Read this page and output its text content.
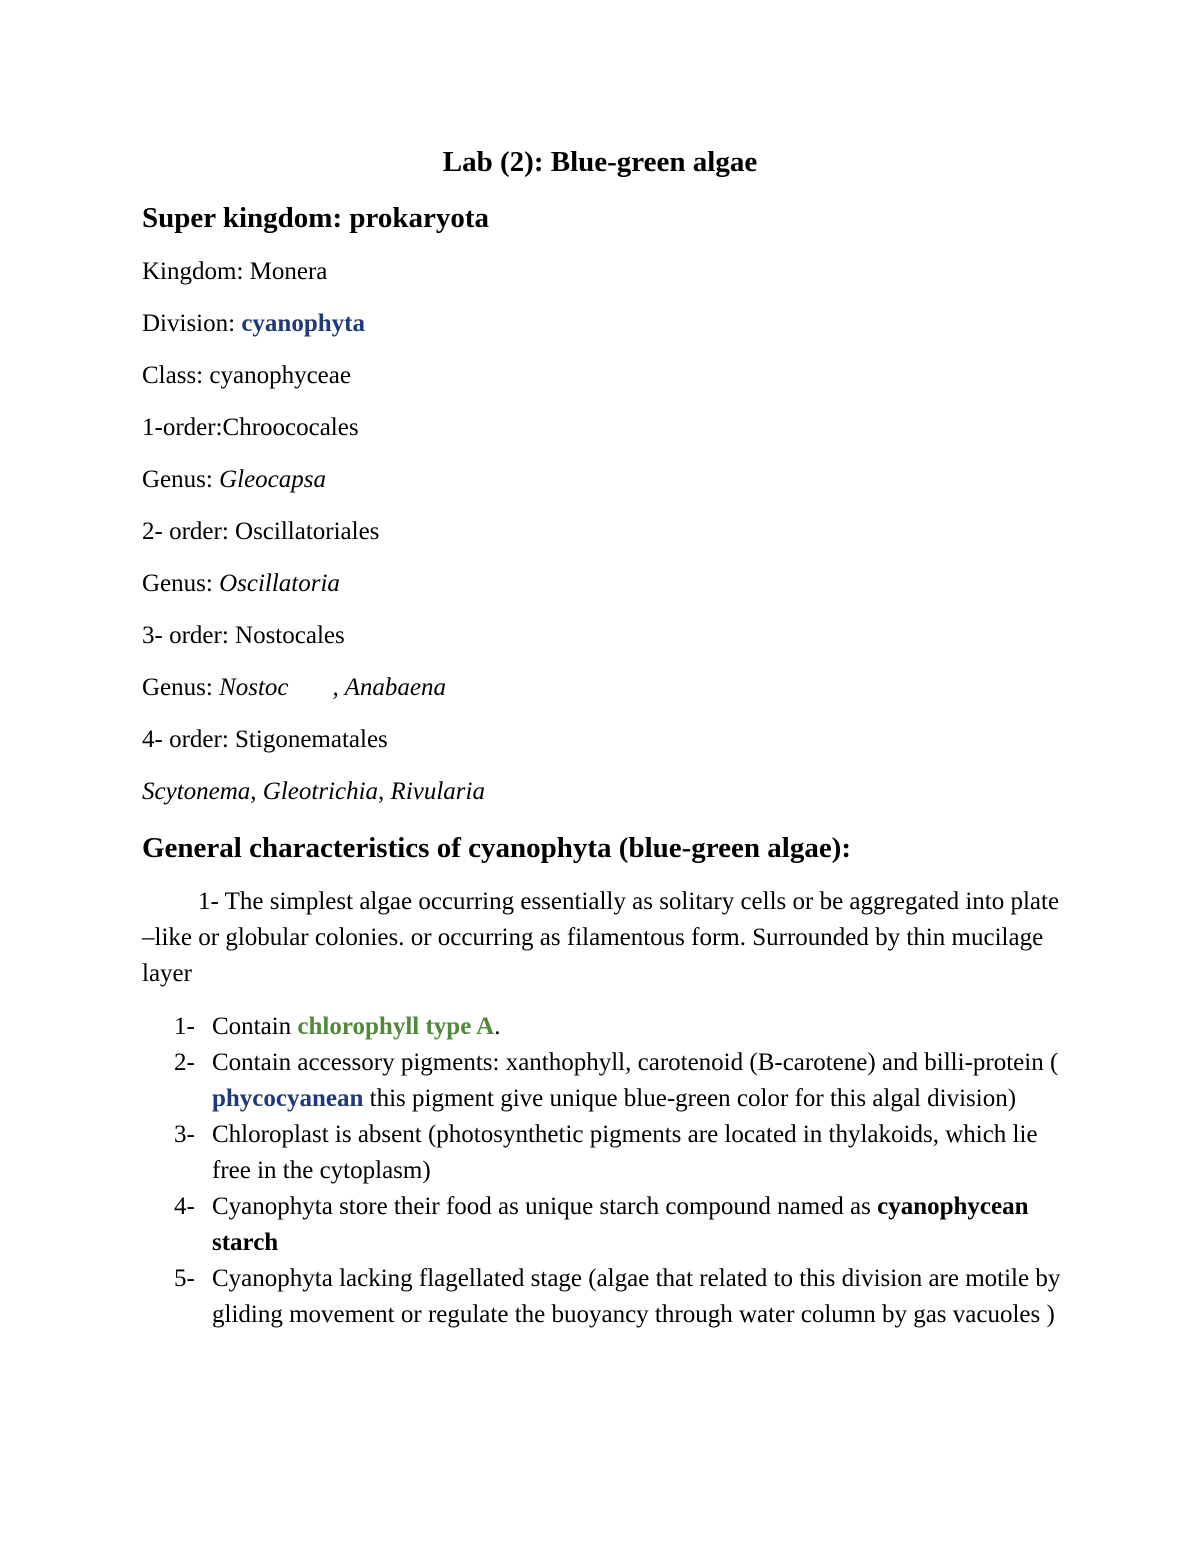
Lab (2): Blue-green algae
Super kingdom: prokaryota
Kingdom: Monera
Division: cyanophyta
Class: cyanophyceae
1-order:Chroococales
Genus: Gleocapsa
2- order: Oscillatoriales
Genus: Oscillatoria
3- order: Nostocales
Genus: Nostoc , Anabaena
4- order: Stigonematales
Scytonema, Gleotrichia, Rivularia
General characteristics of cyanophyta (blue-green algae):
1- The simplest algae occurring essentially as solitary cells or be aggregated into plate –like or globular colonies. or occurring as filamentous form. Surrounded by thin mucilage layer
1- Contain chlorophyll type A.
2- Contain accessory pigments: xanthophyll, carotenoid (B-carotene) and billi-protein ( phycocyanean this pigment give unique blue-green color for this algal division)
3- Chloroplast is absent (photosynthetic pigments are located in thylakoids, which lie free in the cytoplasm)
4- Cyanophyta store their food as unique starch compound named as cyanophycean starch
5- Cyanophyta lacking flagellated stage (algae that related to this division are motile by gliding movement or regulate the buoyancy through water column by gas vacuoles )
